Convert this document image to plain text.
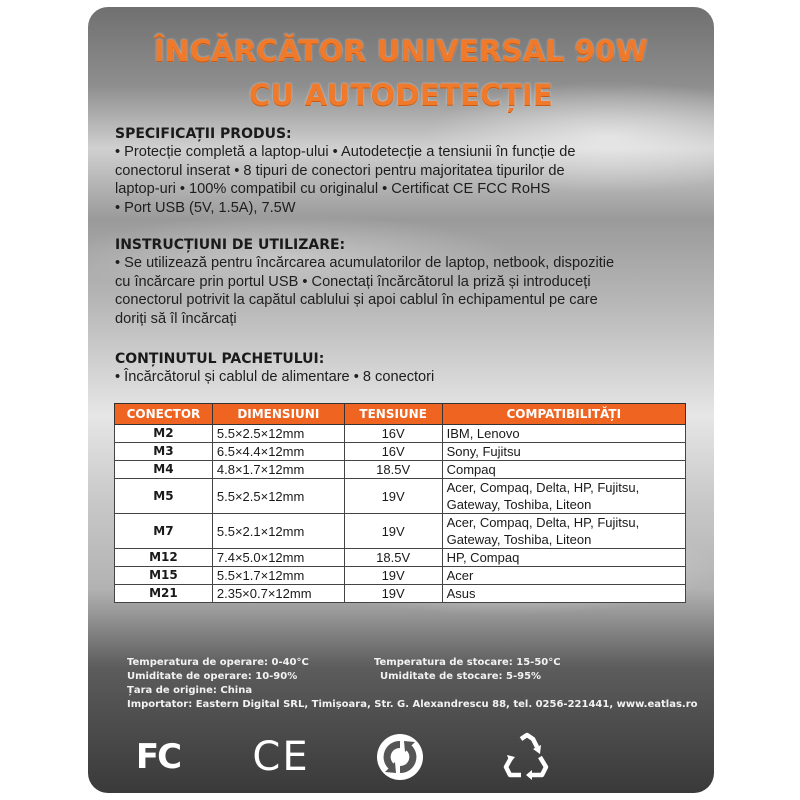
ÎNCĂRCĂTOR UNIVERSAL 90W
CU AUTODETECȚIE
SPECIFICAȚII PRODUS:
• Protecție completă a laptop-ului • Autodetecție a tensiunii în funcție de
conectorul inserat • 8 tipuri de conectori pentru majoritatea tipurilor de
laptop-uri • 100% compatibil cu originalul • Certificat CE FCC RoHS
• Port USB (5V, 1.5A), 7.5W
INSTRUCȚIUNI DE UTILIZARE:
• Se utilizează pentru încărcarea acumulatorilor de laptop, netbook, dispozitie
cu încărcare prin portul USB • Conectați încărcătorul la priză și introduceți
conectorul potrivit la capătul cablului și apoi cablul în echipamentul pe care
doriți să îl încărcați
CONȚINUTUL PACHETULUI:
• Încărcătorul și cablul de alimentare • 8 conectori
CONECTOR	DIMENSIUNI	TENSIUNE	COMPATIBILITĂȚI
M2	5.5×2.5×12mm	16V	IBM, Lenovo

M3	6.5×4.4×12mm	16V	Sony, Fujitsu

M4	4.8×1.7×12mm	18.5V	Compaq

M5	5.5×2.5×12mm	19V	Acer, Compaq, Delta, HP, Fujitsu,
Gateway, Toshiba, Liteon

M7	5.5×2.1×12mm	19V	Acer, Compaq, Delta, HP, Fujitsu,
Gateway, Toshiba, Liteon

M12	7.4×5.0×12mm	18.5V	HP, Compaq

M15	5.5×1.7×12mm	19V	Acer

M21	2.35×0.7×12mm	19V	Asus
Temperatura de operare: 0-40°C	Temperatura de stocare: 15-50°C
Umiditate de operare: 10-90%	Umiditate de stocare: 5-95%
Țara de origine: China
Importator: Eastern Digital SRL, Timișoara, Str. G. Alexandrescu 88, tel. 0256-221441, www.eatlas.ro
FC CE
